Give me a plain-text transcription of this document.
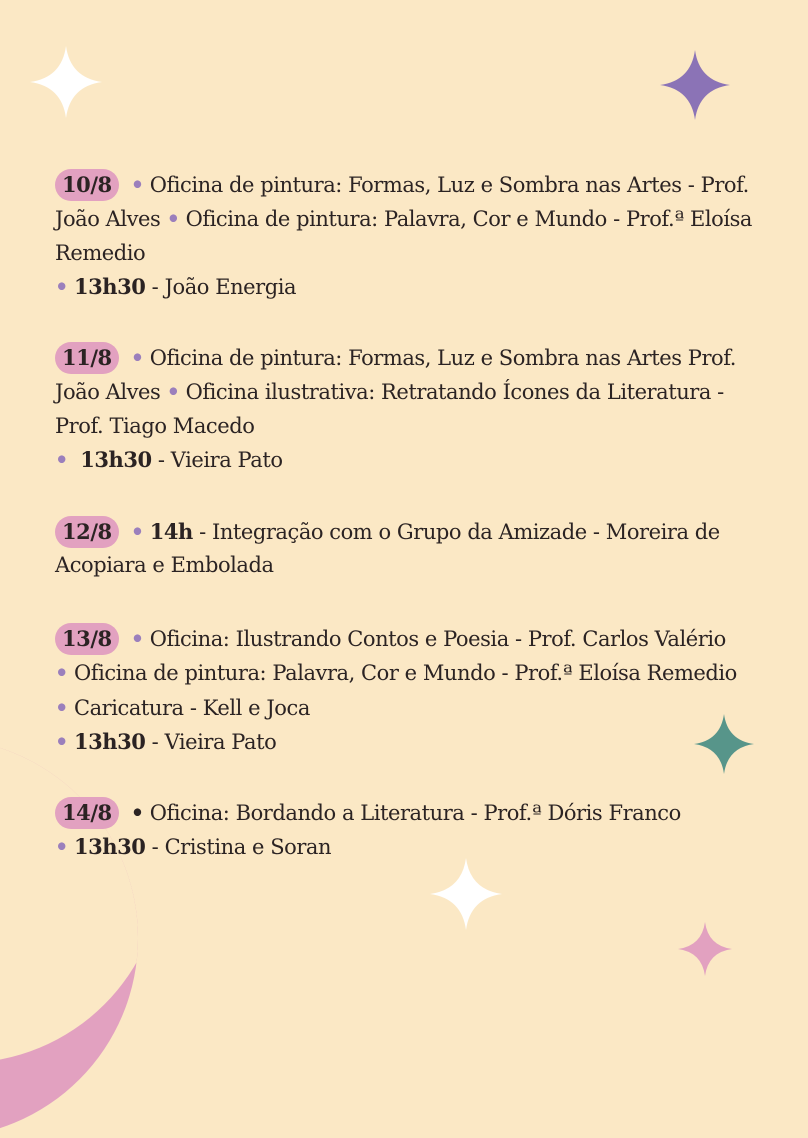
10/8 • Oficina de pintura: Formas, Luz e Sombra nas Artes - Prof. João Alves • Oficina de pintura: Palavra, Cor e Mundo - Prof.ª Eloísa Remedio
• 13h30 - João Energia
11/8 • Oficina de pintura: Formas, Luz e Sombra nas Artes Prof. João Alves • Oficina ilustrativa: Retratando Ícones da Literatura - Prof. Tiago Macedo
• 13h30 - Vieira Pato
12/8 • 14h - Integração com o Grupo da Amizade - Moreira de Acopiara e Embolada
13/8 • Oficina: Ilustrando Contos e Poesia - Prof. Carlos Valério • Oficina de pintura: Palavra, Cor e Mundo - Prof.ª Eloísa Remedio • Caricatura - Kell e Joca
• 13h30 - Vieira Pato
14/8 • Oficina: Bordando a Literatura - Prof.ª Dóris Franco
• 13h30 - Cristina e Soran
